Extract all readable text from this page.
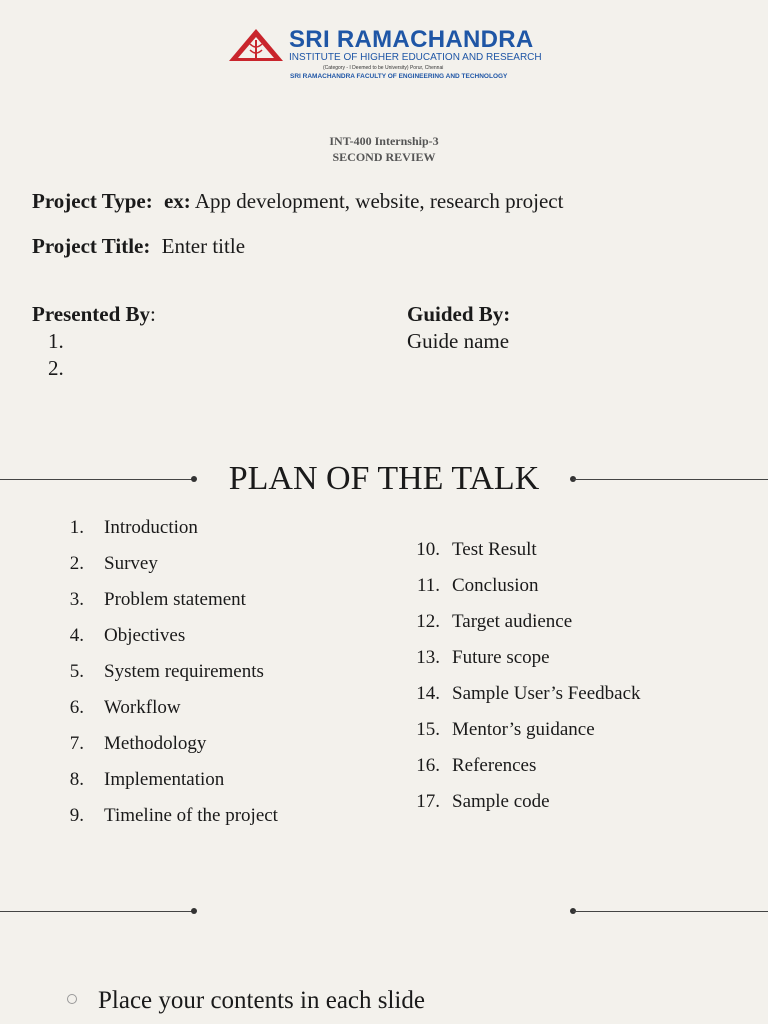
SRI RAMACHANDRA
INSTITUTE OF HIGHER EDUCATION AND RESEARCH
(Category - I Deemed to be University) Porur, Chennai
SRI RAMACHANDRA FACULTY OF ENGINEERING AND TECHNOLOGY
INT-400 Internship-3
SECOND REVIEW
Project Type: ex: App development, website, research project
Project Title: Enter title
Presented By:
1.
2.
Guided By:
Guide name
PLAN OF THE TALK
1. Introduction
2. Survey
3. Problem statement
4. Objectives
5. System requirements
6. Workflow
7. Methodology
8. Implementation
9. Timeline of the project
10. Test Result
11. Conclusion
12. Target audience
13. Future scope
14. Sample User’s Feedback
15. Mentor’s guidance
16. References
17. Sample code
Place your contents in each slide
